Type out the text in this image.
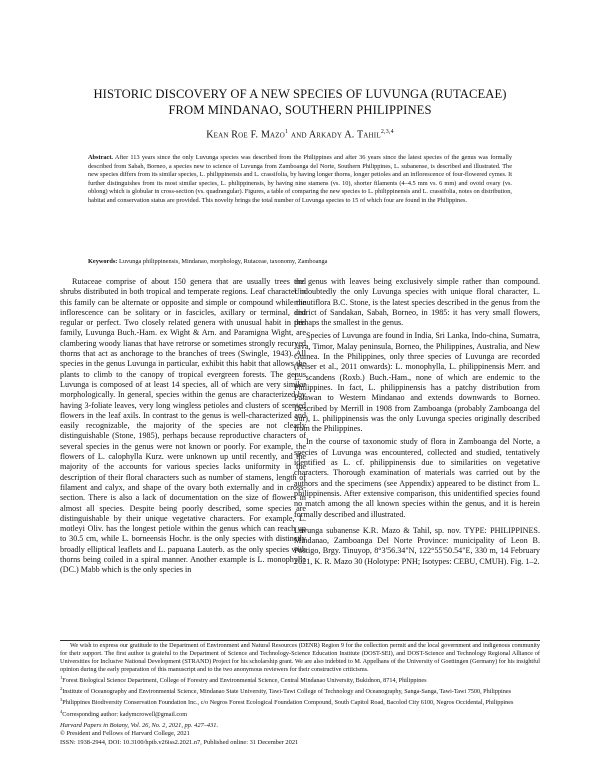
HISTORIC DISCOVERY OF A NEW SPECIES OF LUVUNGA (RUTACEAE)
FROM MINDANAO, SOUTHERN PHILIPPINES
Kean Roe F. Mazo$^1$ and Arkady A. Tahil$^{2,3,4}$
Abstract. After 113 years since the only Luvunga species was described from the Philippines and after 36 years since the latest species of the genus was formally described from Sabah, Borneo, a species new to science of Luvunga from Zamboanga del Norte, Southern Philippines, L. subanense, is described and illustrated. The new species differs from its similar species, L. philippinensis and L. crassifolia, by having longer thorns, longer petioles and an inflorescence of four-flowered cymes. It further distinguishes from its most similar species, L. philippinensis, by having nine stamens (vs. 10), shorter filaments (4–4.5 mm vs. 6 mm) and ovoid ovary (vs. oblong) which is globular in cross-section (vs. quadrangular). Figures, a table of comparing the new species to L. philippinensis and L. crassifolia, notes on distribution, habitat and conservation status are provided. This novelty brings the total number of Luvunga species to 15 of which four are found in the Philippines.
Keywords: Luvunga philippinensis, Mindanao, morphology, Rutaceae, taxonomy, Zamboanga

Rutaceae comprise of about 150 genera that are usually trees and shrubs distributed in both tropical and temperate regions. Leaf character in this family can be alternate or opposite and simple or compound while the inflorescence can be solitary or in fascicles, axillary or terminal, and regular or perfect. Two closely related genera with unusual habit in this family, Luvunga Buch.-Ham. ex Wight & Arn. and Paramigna Wight, are clambering woody lianas that have retrorse or sometimes strongly recurved thorns that act as anchorage to the branches of trees (Swingle, 1943). All species in the genus Luvunga in particular, exhibit this habit that allows the plants to climb to the canopy of tropical evergreen forests. The genus Luvunga is composed of at least 14 species, all of which are very similar morphologically. In general, species within the genus are characterized by having 3-foliate leaves, very long wingless petioles and clusters of scented flowers in the leaf axils. In contrast to the genus is well-characterized and easily recognizable, the majority of the species are not clearly distinguishable (Stone, 1985), perhaps because reproductive characters of several species in the genus were not known or poorly. For example, the flowers of L. calophylla Kurz. were unknown up until recently, and the majority of the accounts for various species lacks uniformity in the description of their floral characters such as number of stamens, length of filament and calyx, and shape of the ovary both externally and in cross-section. There is also a lack of documentation on the size of flowers in almost all species. Despite being poorly described, some species are distinguishable by their unique vegetative characters. For example, L. motleyi Oliv. has the longest petiole within the genus which can reach up to 30.5 cm, while L. borneensis Hochr. is the only species with distinctly broadly elliptical leaflets and L. papuana Lauterb. as the only species with thorns being coiled in a spiral manner. Another example is L. monophylla (DC.) Mabb which is the only species in

the genus with leaves being exclusively simple rather than compound. Undoubtedly the only Luvunga species with unique floral character, L. minutiflora B.C. Stone, is the latest species described in the genus from the district of Sandakan, Sabah, Borneo, in 1985: it has very small flowers, perhaps the smallest in the genus.

Species of Luvunga are found in India, Sri Lanka, Indo-china, Sumatra, Java, Timor, Malay peninsula, Borneo, the Philippines, Australia, and New Guinea. In the Philippines, only three species of Luvunga are recorded (Pelser et al., 2011 onwards): L. monophylla, L. philippinensis Merr. and L. scandens (Roxb.) Buch.-Ham., none of which are endemic to the Philippines. In fact, L. philippinensis has a patchy distribution from Palawan to Western Mindanao and extends downwards to Borneo. Described by Merrill in 1908 from Zamboanga (probably Zamboanga del Sur), L. philippinensis was the only Luvunga species originally described from the Philippines.

In the course of taxonomic study of flora in Zamboanga del Norte, a species of Luvunga was encountered, collected and studied, tentatively identified as L. cf. philippinensis due to similarities on vegetative characters. Thorough examination of materials was carried out by the authors and the specimens (see Appendix) appeared to be distinct from L. philippinensis. After extensive comparison, this unidentified species found no match among the all known species within the genus, and it is herein formally described and illustrated.

Luvunga subanense K.R. Mazo & Tahil, sp. nov. TYPE: PHILIPPINES. Mindanao, Zamboanga Del Norte Province: municipality of Leon B. Postigo, Brgy. Tinuyop, 8°3'56.34"N, 122°55'50.54"E, 330 m, 14 February 2021, K. R. Mazo 30 (Holotype: PNH; Isotypes: CEBU, CMUH). Fig. 1–2.

We wish to express our gratitude to the Department of Environment and Natural Resources (DENR) Region 9 for the collection permit and the local government and indigenous community for their support. The first author is grateful to the Department of Science and Technology-Science Education Institute (DOST-SEI), and DOST-Science and Technology Regional Alliance of Universities for Inclusive National Development (STRAND) Project for his scholarship grant. We are also indebted to M. Appelhans of the University of Goettingen (Germany) for his insightful opinion during the early preparation of this manuscript and to the two anonymous reviewers for their constructive criticisms.

$^1$Forest Biological Science Department, College of Forestry and Environmental Science, Central Mindanao University, Bukidnon, 8714, Philippines

$^2$Institute of Oceanography and Environmental Science, Mindanao State University, Tawi-Tawi College of Technology and Oceanography, Sanga-Sanga, Tawi-Tawi 7500, Philippines

$^3$Philippines Biodiversity Conservation Foundation Inc., c/o Negros Forest Ecological Foundation Compound, South Capitol Road, Bacolod City 6100, Negros Occidental, Philippines

$^4$Corresponding author: kadymcrowell@gmail.com

Harvard Papers in Botany, Vol. 26, No. 2, 2021, pp. 427–431.
© President and Fellows of Harvard College, 2021
ISSN: 1938-2944, DOI: 10.3100/hpib.v26iss2.2021.n7, Published online: 31 December 2021
